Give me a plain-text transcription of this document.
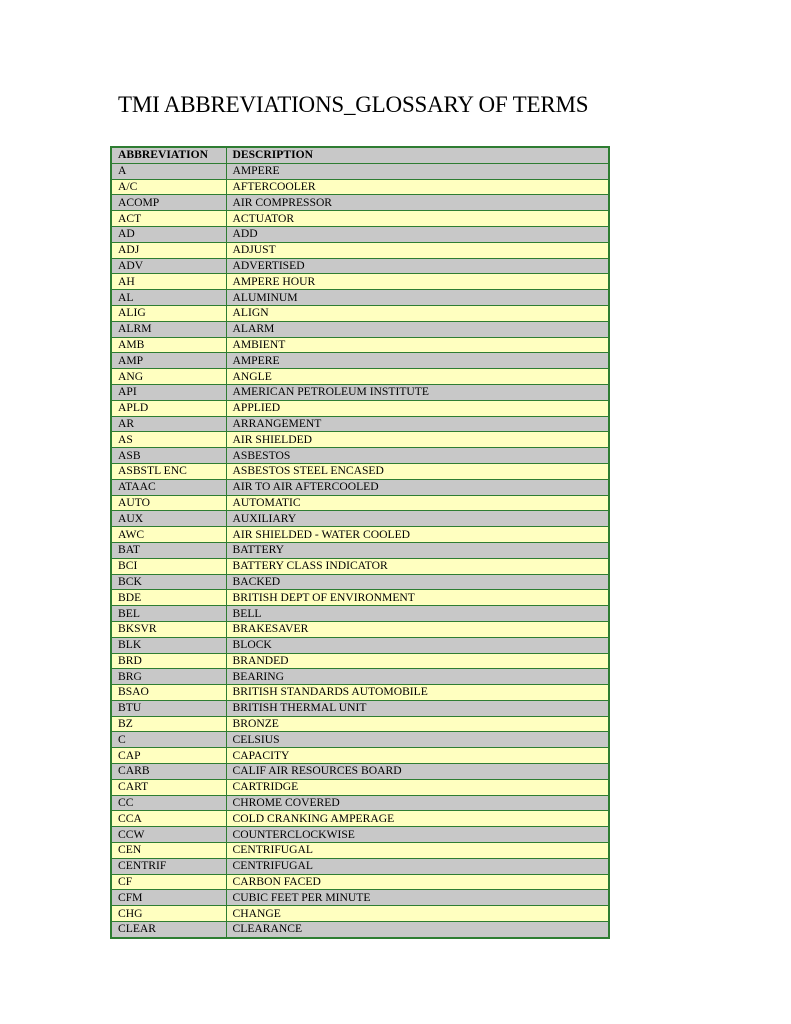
TMI ABBREVIATIONS_GLOSSARY OF TERMS
ABBREVIATION	DESCRIPTION
A	AMPERE
A/C	AFTERCOOLER
ACOMP	AIR COMPRESSOR
ACT	ACTUATOR
AD	ADD
ADJ	ADJUST
ADV	ADVERTISED
AH	AMPERE HOUR
AL	ALUMINUM
ALIG	ALIGN
ALRM	ALARM
AMB	AMBIENT
AMP	AMPERE
ANG	ANGLE
API	AMERICAN PETROLEUM INSTITUTE
APLD	APPLIED
AR	ARRANGEMENT
AS	AIR SHIELDED
ASB	ASBESTOS
ASBSTL ENC	ASBESTOS STEEL ENCASED
ATAAC	AIR TO AIR AFTERCOOLED
AUTO	AUTOMATIC
AUX	AUXILIARY
AWC	AIR SHIELDED - WATER COOLED
BAT	BATTERY
BCI	BATTERY CLASS INDICATOR
BCK	BACKED
BDE	BRITISH DEPT OF ENVIRONMENT
BEL	BELL
BKSVR	BRAKESAVER
BLK	BLOCK
BRD	BRANDED
BRG	BEARING
BSAO	BRITISH STANDARDS AUTOMOBILE
BTU	BRITISH THERMAL UNIT
BZ	BRONZE
C	CELSIUS
CAP	CAPACITY
CARB	CALIF AIR RESOURCES BOARD
CART	CARTRIDGE
CC	CHROME COVERED
CCA	COLD CRANKING AMPERAGE
CCW	COUNTERCLOCKWISE
CEN	CENTRIFUGAL
CENTRIF	CENTRIFUGAL
CF	CARBON FACED
CFM	CUBIC FEET PER MINUTE
CHG	CHANGE
CLEAR	CLEARANCE
